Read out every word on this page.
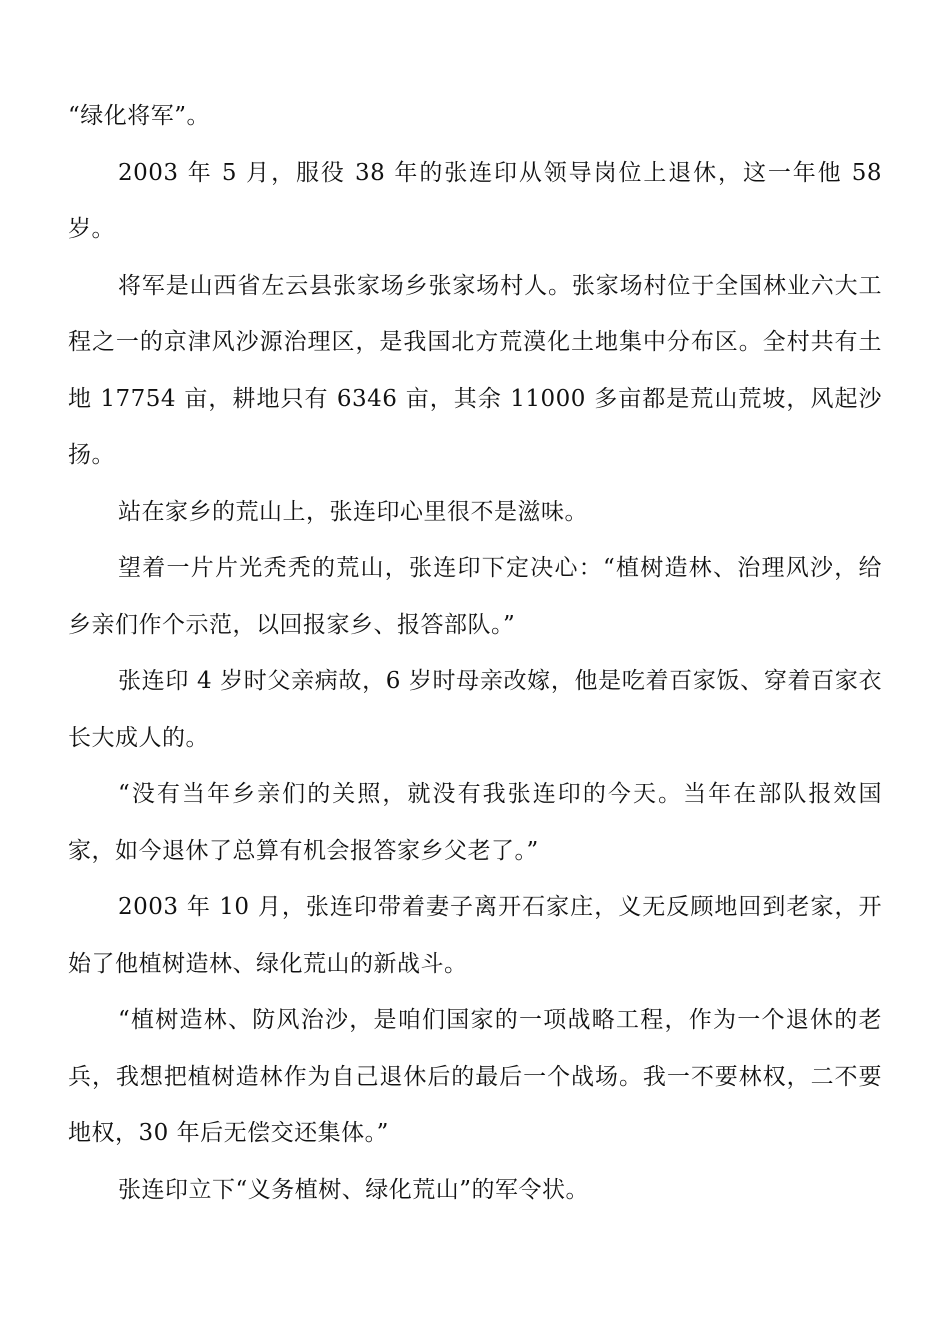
“绿化将军”。

2003 年 5 月，服役 38 年的张连印从领导岗位上退休，这一年他 58 岁。

将军是山西省左云县张家场乡张家场村人。张家场村位于全国林业六大工程之一的京津风沙源治理区，是我国北方荒漠化土地集中分布区。全村共有土地 17754 亩，耕地只有 6346 亩，其余 11000 多亩都是荒山荒坡，风起沙扬。

站在家乡的荒山上，张连印心里很不是滋味。

望着一片片光秃秃的荒山，张连印下定决心：“植树造林、治理风沙，给乡亲们作个示范，以回报家乡、报答部队。”

张连印 4 岁时父亲病故，6 岁时母亲改嫁，他是吃着百家饭、穿着百家衣长大成人的。

“没有当年乡亲们的关照，就没有我张连印的今天。当年在部队报效国家，如今退休了总算有机会报答家乡父老了。”

2003 年 10 月，张连印带着妻子离开石家庄，义无反顾地回到老家，开始了他植树造林、绿化荒山的新战斗。

“植树造林、防风治沙，是咱们国家的一项战略工程，作为一个退休的老兵，我想把植树造林作为自己退休后的最后一个战场。我一不要林权，二不要地权，30 年后无偿交还集体。”

张连印立下“义务植树、绿化荒山”的军令状。
